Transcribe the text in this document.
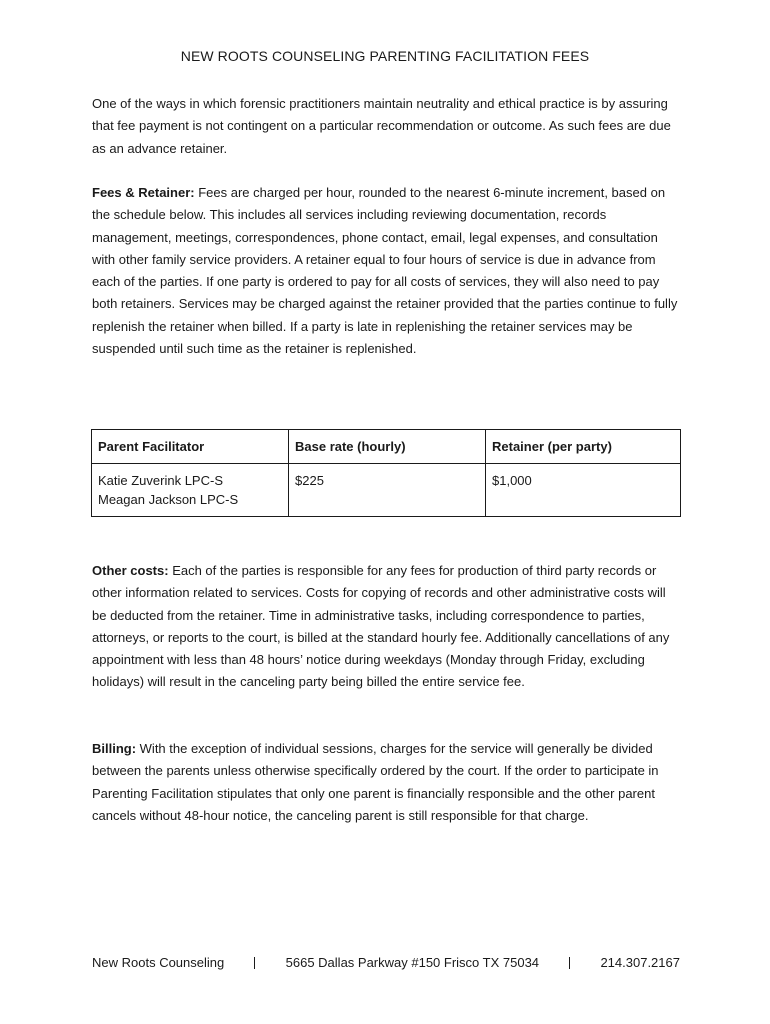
NEW ROOTS COUNSELING PARENTING FACILITATION FEES

One of the ways in which forensic practitioners maintain neutrality and ethical practice is by assuring that fee payment is not contingent on a particular recommendation or outcome. As such fees are due as an advance retainer.

Fees & Retainer: Fees are charged per hour, rounded to the nearest 6-minute increment, based on the schedule below. This includes all services including reviewing documentation, records management, meetings, correspondences, phone contact, email, legal expenses, and consultation with other family service providers. A retainer equal to four hours of service is due in advance from each of the parties. If one party is ordered to pay for all costs of services, they will also need to pay both retainers. Services may be charged against the retainer provided that the parties continue to fully replenish the retainer when billed. If a party is late in replenishing the retainer services may be suspended until such time as the retainer is replenished.

Parent Facilitator	Base rate (hourly)	Retainer (per party)

Katie Zuverink LPC-S
Meagan Jackson LPC-S	$225	$1,000

Other costs: Each of the parties is responsible for any fees for production of third party records or other information related to services. Costs for copying of records and other administrative costs will be deducted from the retainer. Time in administrative tasks, including correspondence to parties, attorneys, or reports to the court, is billed at the standard hourly fee. Additionally cancellations of any appointment with less than 48 hours’ notice during weekdays (Monday through Friday, excluding holidays) will result in the canceling party being billed the entire service fee.

Billing: With the exception of individual sessions, charges for the service will generally be divided between the parents unless otherwise specifically ordered by the court. If the order to participate in Parenting Facilitation stipulates that only one parent is financially responsible and the other parent cancels without 48-hour notice, the canceling parent is still responsible for that charge.

New Roots Counseling	5665 Dallas Parkway #150 Frisco TX 75034	214.307.2167
